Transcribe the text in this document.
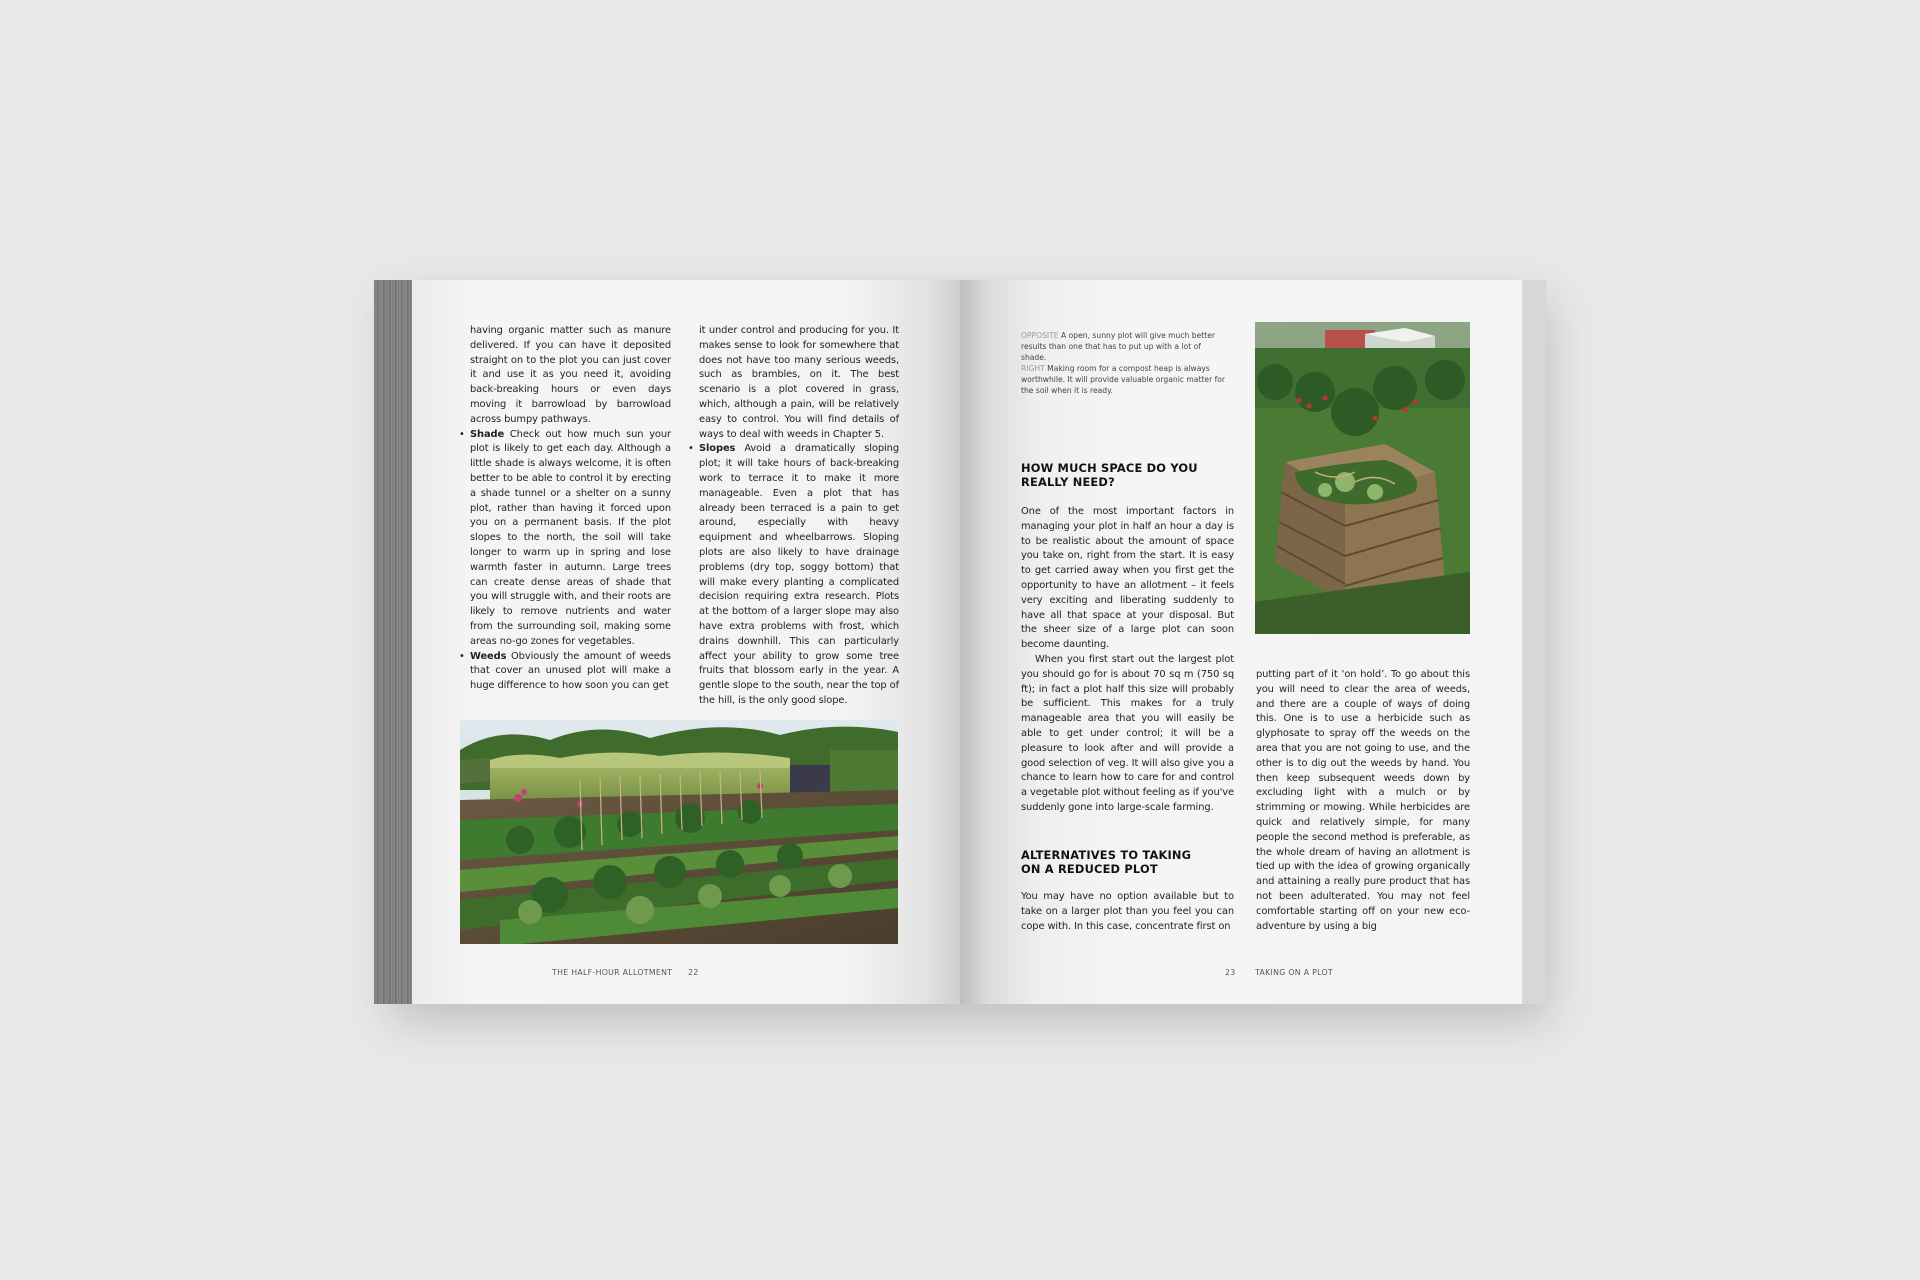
having organic matter such as manure delivered. If you can have it deposited straight on to the plot you can just cover it and use it as you need it, avoiding back-breaking hours or even days moving it barrowload by barrowload across bumpy pathways.

• Shade Check out how much sun your plot is likely to get each day. Although a little shade is always welcome, it is often better to be able to control it by erecting a shade tunnel or a shelter on a sunny plot, rather than having it forced upon you on a permanent basis. If the plot slopes to the north, the soil will take longer to warm up in spring and lose warmth faster in autumn. Large trees can create dense areas of shade that you will struggle with, and their roots are likely to remove nutrients and water from the surrounding soil, making some areas no-go zones for vegetables.
• Weeds Obviously the amount of weeds that cover an unused plot will make a huge difference to how soon you can get

it under control and producing for you. It makes sense to look for somewhere that does not have too many serious weeds, such as brambles, on it. The best scenario is a plot covered in grass, which, although a pain, will be relatively easy to control. You will find details of ways to deal with weeds in Chapter 5.

• Slopes Avoid a dramatically sloping plot; it will take hours of back-breaking work to terrace it to make it more manageable. Even a plot that has already been terraced is a pain to get around, especially with heavy equipment and wheelbarrows. Sloping plots are also likely to have drainage problems (dry top, soggy bottom) that will make every planting a complicated decision requiring extra research. Plots at the bottom of a larger slope may also have extra problems with frost, which drains downhill. This can particularly affect your ability to grow some tree fruits that blossom early in the year. A gentle slope to the south, near the top of the hill, is the only good slope.
THE HALF-HOUR ALLOTMENT 22
OPPOSITE A open, sunny plot will give much better results than one that has to put up with a lot of shade.
RIGHT Making room for a compost heap is always worthwhile. It will provide valuable organic matter for the soil when it is ready.
HOW MUCH SPACE DO YOU
REALLY NEED?

One of the most important factors in managing your plot in half an hour a day is to be realistic about the amount of space you take on, right from the start. It is easy to get carried away when you first get the opportunity to have an allotment – it feels very exciting and liberating suddenly to have all that space at your disposal. But the sheer size of a large plot can soon become daunting.

When you first start out the largest plot you should go for is about 70 sq m (750 sq ft); in fact a plot half this size will probably be sufficient. This makes for a truly manageable area that you will easily be able to get under control; it will be a pleasure to look after and will provide a good selection of veg. It will also give you a chance to learn how to care for and control a vegetable plot without feeling as if you've suddenly gone into large-scale farming.

ALTERNATIVES TO TAKING
ON A REDUCED PLOT

You may have no option available but to take on a larger plot than you feel you can cope with. In this case, concentrate first on

putting part of it ‘on hold’. To go about this you will need to clear the area of weeds, and there are a couple of ways of doing this. One is to use a herbicide such as glyphosate to spray off the weeds on the area that you are not going to use, and the other is to dig out the weeds by hand. You then keep subsequent weeds down by excluding light with a mulch or by strimming or mowing. While herbicides are quick and relatively simple, for many people the second method is preferable, as the whole dream of having an allotment is tied up with the idea of growing organically and attaining a really pure product that has not been adulterated. You may not feel comfortable starting off on your new eco-adventure by using a big

23 TAKING ON A PLOT
